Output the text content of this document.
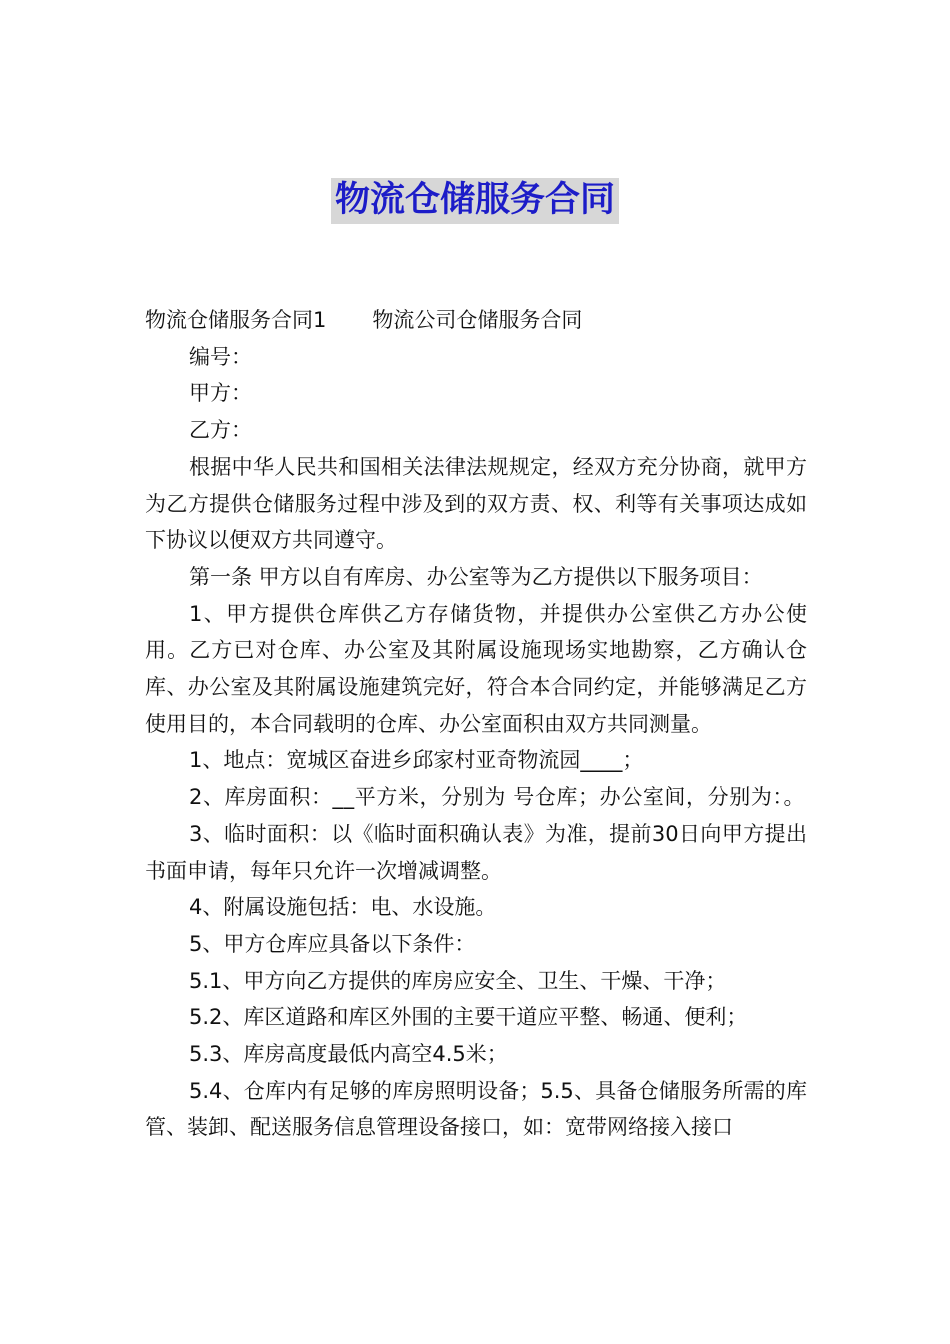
物流仓储服务合同

物流仓储服务合同1 物流公司仓储服务合同

编号：

甲方：

乙方：

根据中华人民共和国相关法律法规规定，经双方充分协商，就甲方为乙方提供仓储服务过程中涉及到的双方责、权、利等有关事项达成如下协议以便双方共同遵守。

第一条 甲方以自有库房、办公室等为乙方提供以下服务项目：

1、甲方提供仓库供乙方存储货物，并提供办公室供乙方办公使用。乙方已对仓库、办公室及其附属设施现场实地勘察，乙方确认仓库、办公室及其附属设施建筑完好，符合本合同约定，并能够满足乙方使用目的，本合同载明的仓库、办公室面积由双方共同测量。

1、地点：宽城区奋进乡邱家村亚奇物流园____；

2、库房面积：__平方米，分别为 号仓库；办公室间，分别为：。

3、临时面积：以《临时面积确认表》为准，提前30日向甲方提出书面申请，每年只允许一次增减调整。

4、附属设施包括：电、水设施。

5、甲方仓库应具备以下条件：

5.1、甲方向乙方提供的库房应安全、卫生、干燥、干净；

5.2、库区道路和库区外围的主要干道应平整、畅通、便利；

5.3、库房高度最低内高空4.5米；

5.4、仓库内有足够的库房照明设备；5.5、具备仓储服务所需的库管、装卸、配送服务信息管理设备接口，如：宽带网络接入接口
